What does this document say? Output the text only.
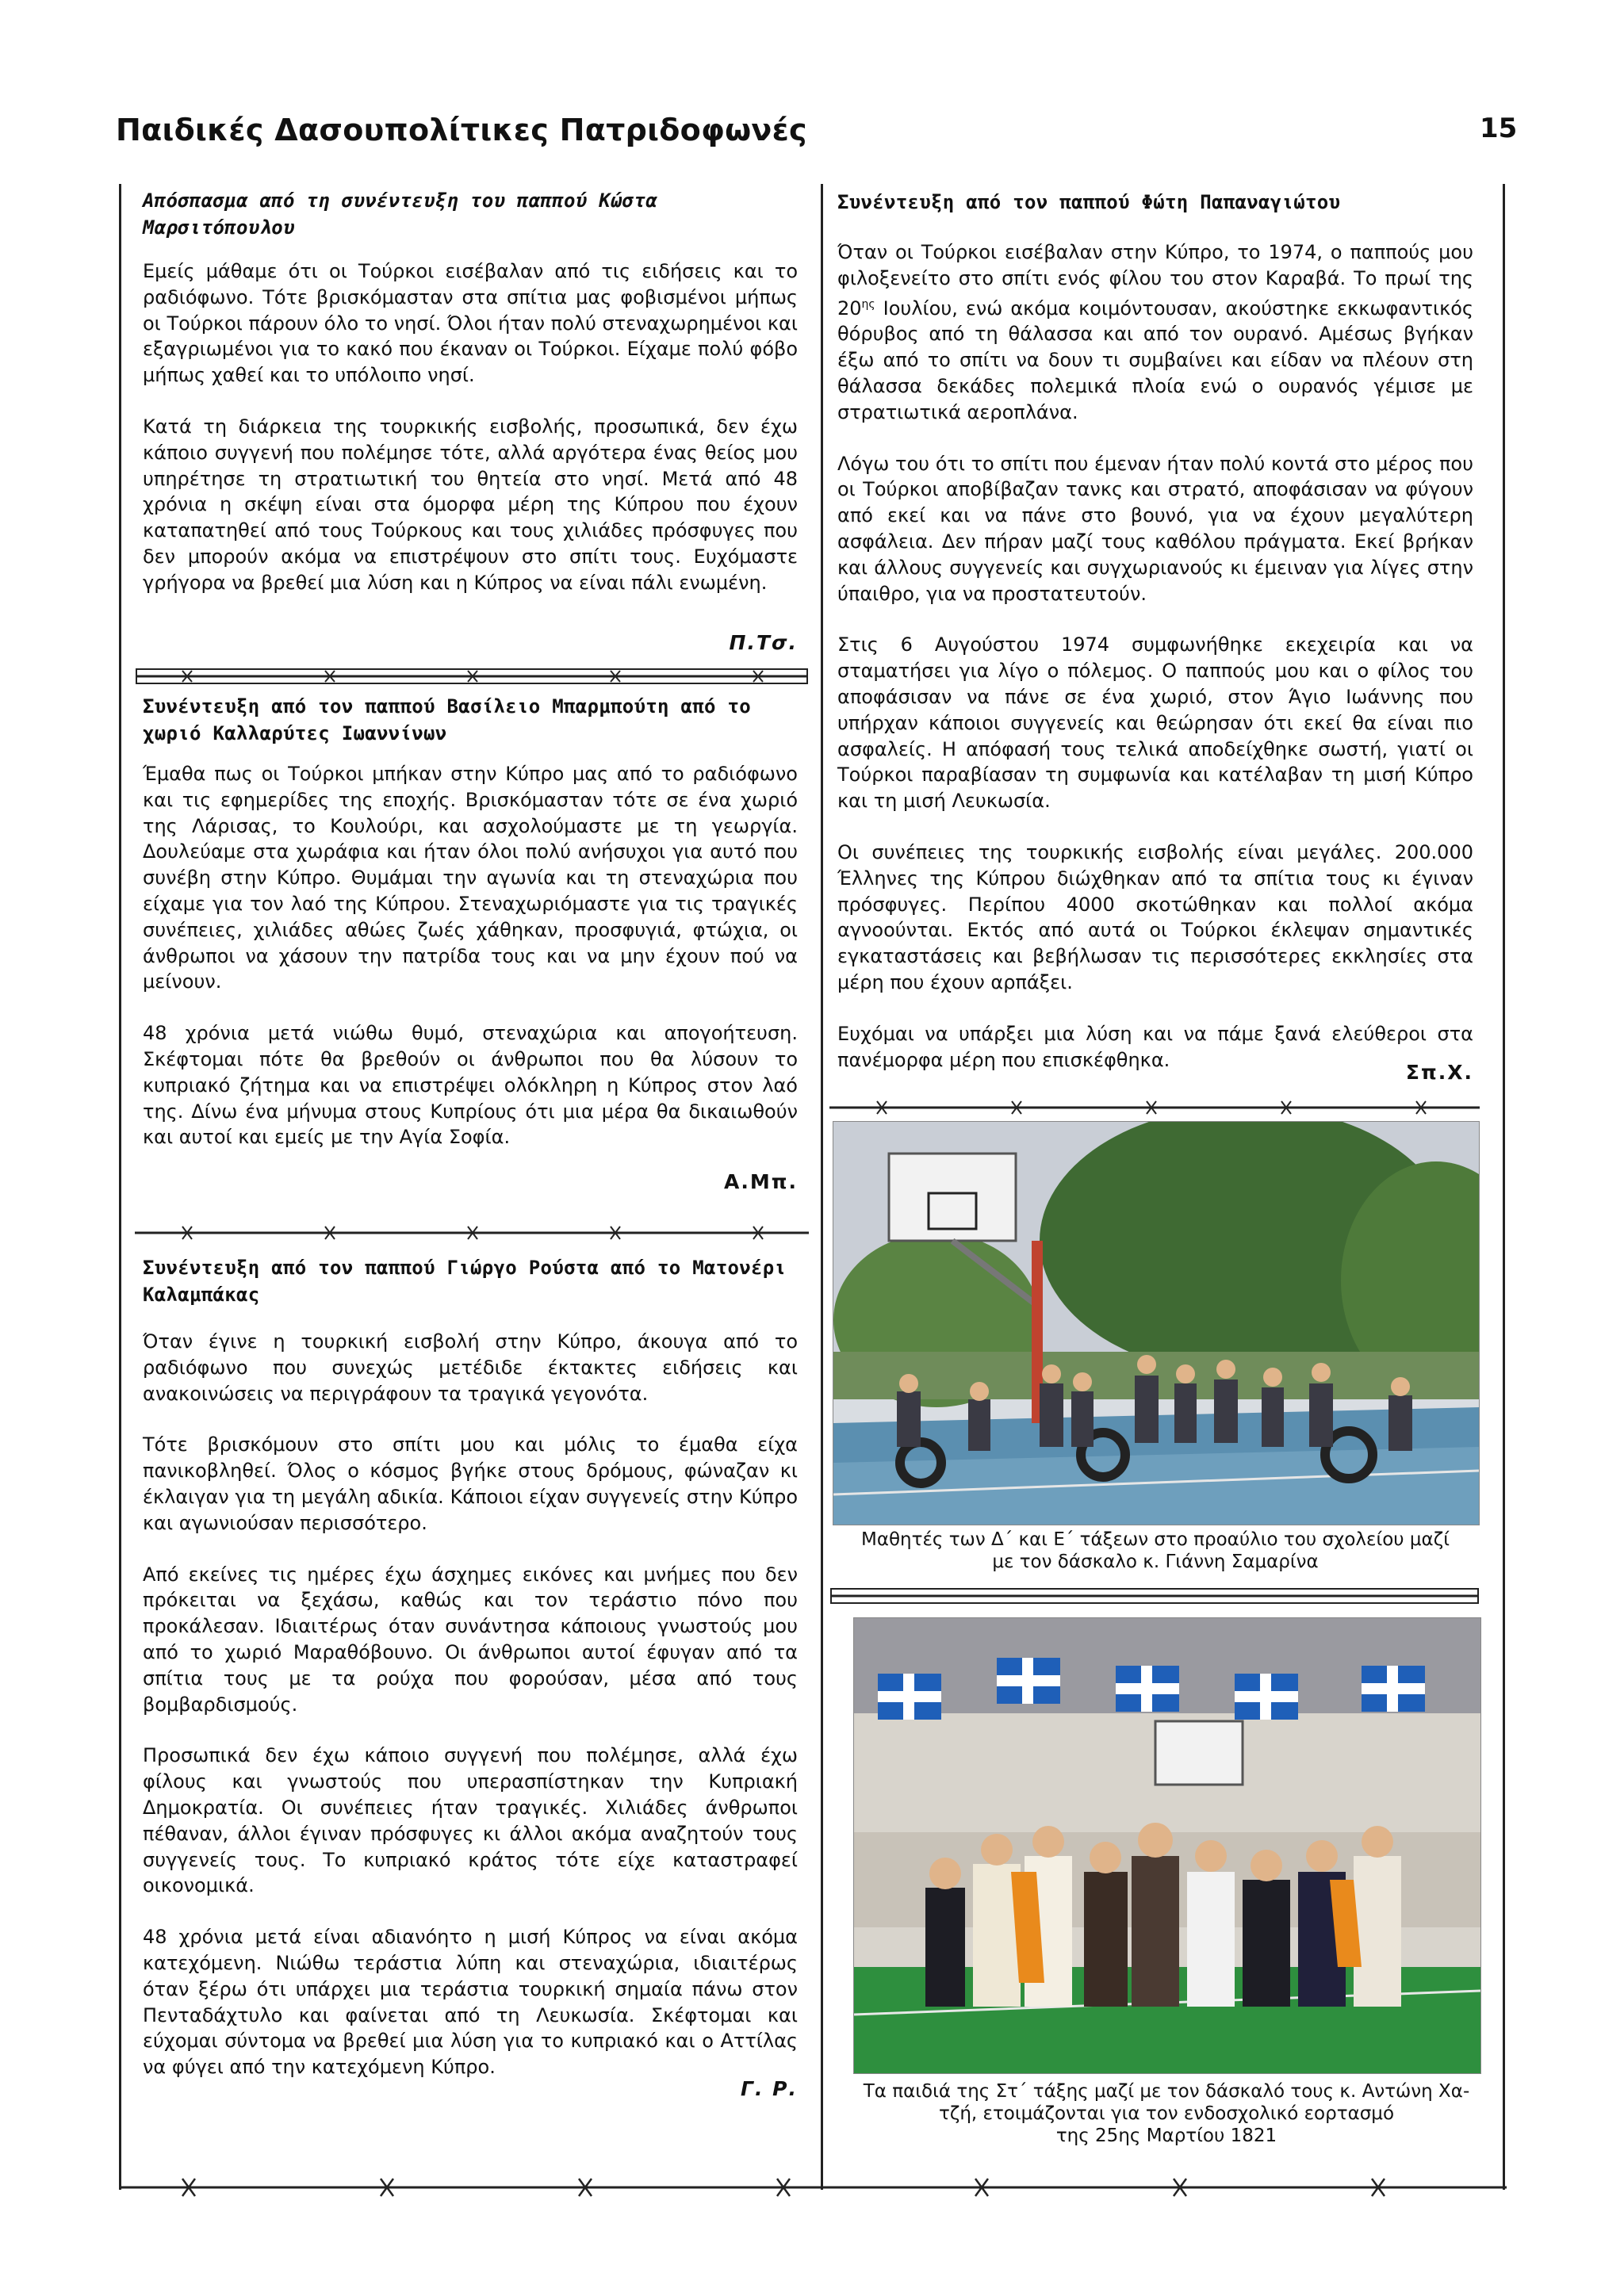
Παιδικές Δασουπολίτικες Πατριδοφωνές	15
Απόσπασμα από τη συνέντευξη του παππού Κώστα Μαρσιτόπουλου

Εμείς μάθαμε ότι οι Τούρκοι εισέβαλαν από τις ειδήσεις και το ραδιόφωνο. Τότε βρισκόμασταν στα σπίτια μας φοβισμένοι μήπως οι Τούρκοι πάρουν όλο το νησί. Όλοι ήταν πολύ στεναχωρημένοι και εξαγριωμένοι για το κακό που έκαναν οι Τούρκοι. Είχαμε πολύ φόβο μήπως χαθεί και το υπόλοιπο νησί.

Κατά τη διάρκεια της τουρκικής εισβολής, προσωπικά, δεν έχω κάποιο συγγενή που πολέμησε τότε, αλλά αργότερα ένας θείος μου υπηρέτησε τη στρατιωτική του θητεία στο νησί. Μετά από 48 χρόνια η σκέψη είναι στα όμορφα μέρη της Κύπρου που έχουν καταπατηθεί από τους Τούρκους και τους χιλιάδες πρόσφυγες που δεν μπορούν ακόμα να επιστρέψουν στο σπίτι τους. Ευχόμαστε γρήγορα να βρεθεί μια λύση και η Κύπρος να είναι πάλι ενωμένη.

Π.Τσ.
Συνέντευξη από τον παππού Βασίλειο Μπαρμπούτη από το χωριό Καλλαρύτες Ιωαννίνων

Έμαθα πως οι Τούρκοι μπήκαν στην Κύπρο μας από το ραδιόφωνο και τις εφημερίδες της εποχής. Βρισκόμασταν τότε σε ένα χωριό της Λάρισας, το Κουλούρι, και ασχολούμαστε με τη γεωργία. Δουλεύαμε στα χωράφια και ήταν όλοι πολύ ανήσυχοι για αυτό που συνέβη στην Κύπρο. Θυμάμαι την αγωνία και τη στεναχώρια που είχαμε για τον λαό της Κύπρου. Στεναχωριόμαστε για τις τραγικές συνέπειες, χιλιάδες αθώες ζωές χάθηκαν, προσφυγιά, φτώχια, οι άνθρωποι να χάσουν την πατρίδα τους και να μην έχουν πού να μείνουν.

48 χρόνια μετά νιώθω θυμό, στεναχώρια και απογοήτευση. Σκέφτομαι πότε θα βρεθούν οι άνθρωποι που θα λύσουν το κυπριακό ζήτημα και να επιστρέψει ολόκληρη η Κύπρος στον λαό της. Δίνω ένα μήνυμα στους Κυπρίους ότι μια μέρα θα δικαιωθούν και αυτοί και εμείς με την Αγία Σοφία.

Α.Μπ.
Συνέντευξη από τον παππού Γιώργο Ρούστα από το Ματονέρι Καλαμπάκας

Όταν έγινε η τουρκική εισβολή στην Κύπρο, άκουγα από το ραδιόφωνο που συνεχώς μετέδιδε έκτακτες ειδήσεις και ανακοινώσεις να περιγράφουν τα τραγικά γεγονότα.

Τότε βρισκόμουν στο σπίτι μου και μόλις το έμαθα είχα πανικοβληθεί. Όλος ο κόσμος βγήκε στους δρόμους, φώναζαν κι έκλαιγαν για τη μεγάλη αδικία. Κάποιοι είχαν συγγενείς στην Κύπρο και αγωνιούσαν περισσότερο.

Από εκείνες τις ημέρες έχω άσχημες εικόνες και μνήμες που δεν πρόκειται να ξεχάσω, καθώς και τον τεράστιο πόνο που προκάλεσαν. Ιδιαιτέρως όταν συνάντησα κάποιους γνωστούς μου από το χωριό Μαραθόβουνο. Οι άνθρωποι αυτοί έφυγαν από τα σπίτια τους με τα ρούχα που φορούσαν, μέσα από τους βομβαρδισμούς.

Προσωπικά δεν έχω κάποιο συγγενή που πολέμησε, αλλά έχω φίλους και γνωστούς που υπερασπίστηκαν την Κυπριακή Δημοκρατία. Οι συνέπειες ήταν τραγικές. Χιλιάδες άνθρωποι πέθαναν, άλλοι έγιναν πρόσφυγες κι άλλοι ακόμα αναζητούν τους συγγενείς τους. Το κυπριακό κράτος τότε είχε καταστραφεί οικονομικά.

48 χρόνια μετά είναι αδιανόητο η μισή Κύπρος να είναι ακόμα κατεχόμενη. Νιώθω τεράστια λύπη και στεναχώρια, ιδιαιτέρως όταν ξέρω ότι υπάρχει μια τεράστια τουρκική σημαία πάνω στον Πενταδάχτυλο και φαίνεται από τη Λευκωσία. Σκέφτομαι και εύχομαι σύντομα να βρεθεί μια λύση για το κυπριακό και ο Αττίλας να φύγει από την κατεχόμενη Κύπρο.

Γ. Ρ.
Συνέντευξη από τον παππού Φώτη Παπαναγιώτου

Όταν οι Τούρκοι εισέβαλαν στην Κύπρο, το 1974, ο παππούς μου φιλοξενείτο στο σπίτι ενός φίλου του στον Καραβά. Το πρωί της $20^{\eta\varsigma}$ Ιουλίου, ενώ ακόμα κοιμόντουσαν, ακούστηκε εκκωφαντικός θόρυβος από τη θάλασσα και από τον ουρανό. Αμέσως βγήκαν έξω από το σπίτι να δουν τι συμβαίνει και είδαν να πλέουν στη θάλασσα δεκάδες πολεμικά πλοία ενώ ο ουρανός γέμισε με στρατιωτικά αεροπλάνα.

Λόγω του ότι το σπίτι που έμεναν ήταν πολύ κοντά στο μέρος που οι Τούρκοι αποβίβαζαν τανκς και στρατό, αποφάσισαν να φύγουν από εκεί και να πάνε στο βουνό, για να έχουν μεγαλύτερη ασφάλεια. Δεν πήραν μαζί τους καθόλου πράγματα. Εκεί βρήκαν και άλλους συγγενείς και συγχωριανούς κι έμειναν για λίγες στην ύπαιθρο, για να προστατευτούν.

Στις 6 Αυγούστου 1974 συμφωνήθηκε εκεχειρία και να σταματήσει για λίγο ο πόλεμος. Ο παππούς μου και ο φίλος του αποφάσισαν να πάνε σε ένα χωριό, στον Άγιο Ιωάννης που υπήρχαν κάποιοι συγγενείς και θεώρησαν ότι εκεί θα είναι πιο ασφαλείς. Η απόφασή τους τελικά αποδείχθηκε σωστή, γιατί οι Τούρκοι παραβίασαν τη συμφωνία και κατέλαβαν τη μισή Κύπρο και τη μισή Λευκωσία.

Οι συνέπειες της τουρκικής εισβολής είναι μεγάλες. 200.000 Έλληνες της Κύπρου διώχθηκαν από τα σπίτια τους κι έγιναν πρόσφυγες. Περίπου 4000 σκοτώθηκαν και πολλοί ακόμα αγνοούνται. Εκτός από αυτά οι Τούρκοι έκλεψαν σημαντικές εγκαταστάσεις και βεβήλωσαν τις περισσότερες εκκλησίες στα μέρη που έχουν αρπάξει.

Ευχόμαι να υπάρξει μια λύση και να πάμε ξανά ελεύθεροι στα πανέμορφα μέρη που επισκέφθηκα.

Σπ.Χ.
Μαθητές των Δ΄ και Ε΄ τάξεων στο προαύλιο του σχολείου μαζί
με τον δάσκαλο κ. Γιάννη Σαμαρίνα
Τα παιδιά της Στ΄ τάξης μαζί με τον δάσκαλό τους κ. Αντώνη Χα-
τζή, ετοιμάζονται για τον ενδοσχολικό εορτασμό
της 25ης Μαρτίου 1821
